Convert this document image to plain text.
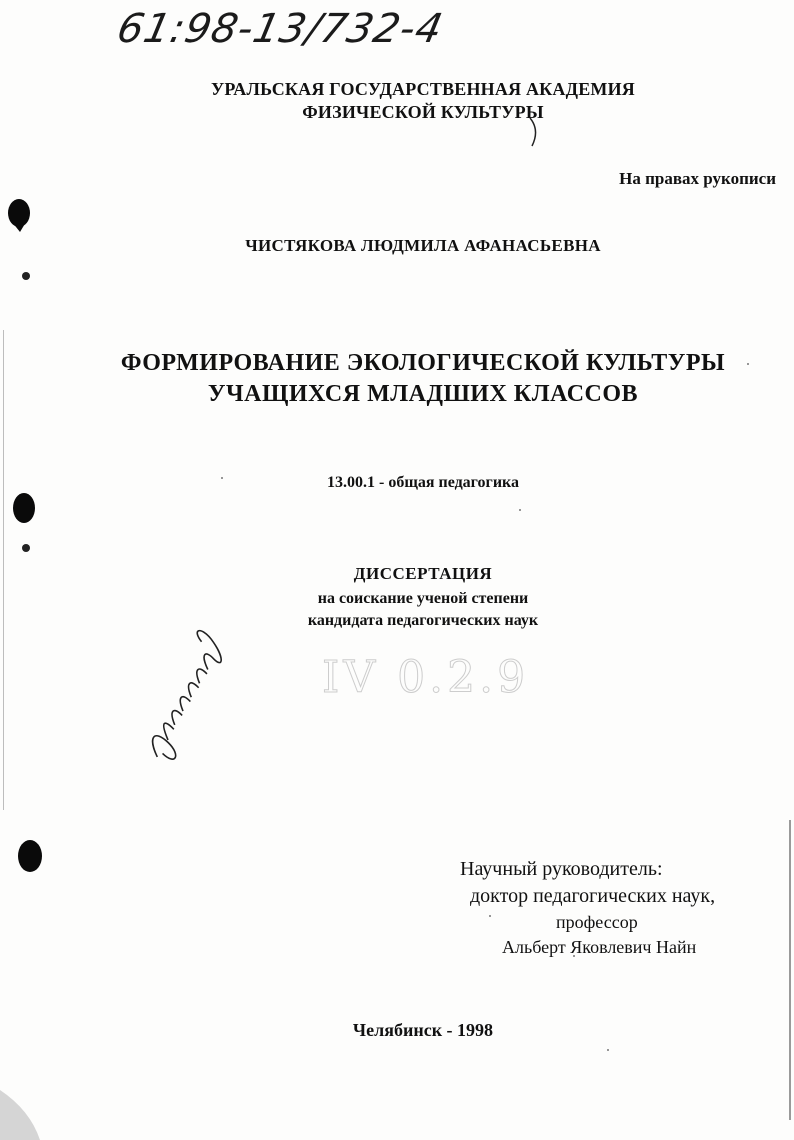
61:98-13/732-4
УРАЛЬСКАЯ ГОСУДАРСТВЕННАЯ АКАДЕМИЯ
ФИЗИЧЕСКОЙ КУЛЬТУРЫ
На правах рукописи
ЧИСТЯКОВА ЛЮДМИЛА АФАНАСЬЕВНА
ФОРМИРОВАНИЕ ЭКОЛОГИЧЕСКОЙ КУЛЬТУРЫ
УЧАЩИХСЯ МЛАДШИХ КЛАССОВ
13.00.1 - общая педагогика
ДИССЕРТАЦИЯ
на соискание ученой степени
кандидата педагогических наук
IV 0.2.9
Научный руководитель:
доктор педагогических наук,
профессор
Альберт Яковлевич Найн
Челябинск - 1998
